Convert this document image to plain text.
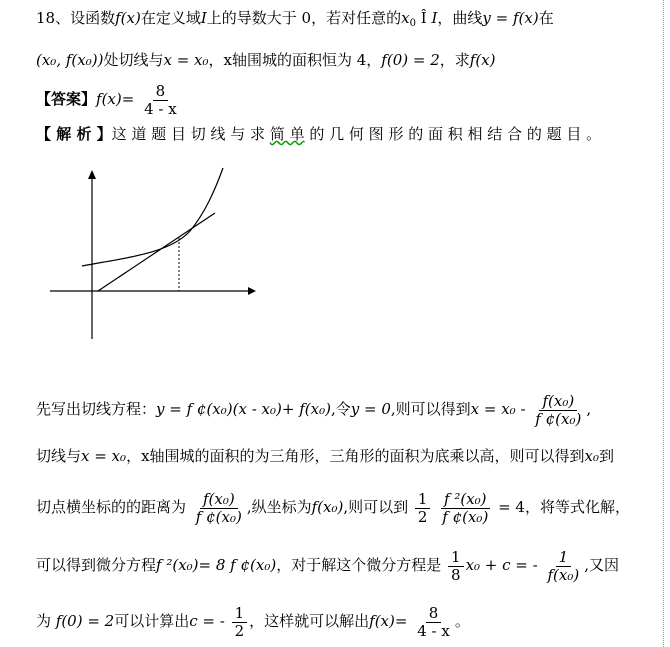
18、设函数f(x)在定义域I上的导数大于 0，若对任意的$x_0$ Î I，曲线y = f(x)在
(x₀, f(x₀))处切线与x = x₀，x轴围城的面积恒为 4，f(0) = 2，求f(x)
【答案】$f(x)= \frac{8}{4 - x}$
【 解 析 】这 道 题 目 切 线 与 求 简 单 的 几 何 图 形 的 面 积 相 结 合 的 题 目 。
先写出切线方程：y = f ¢(x₀)(x - x₀)+ f(x₀),令y = 0,则可以得到$x = x_0 - \frac{\text{f(x₀)}}{\text{f ¢(x₀)}}$ ,
切线与x = x₀，x轴围城的面积的为三角形，三角形的面积为底乘以高，则可以得到x₀到
切点横坐标的的距离为 $\frac{\text{f(x₀)}}{\text{f ¢(x₀)}}$ ,纵坐标为f(x₀),则可以到 $\frac{1}{2}$
$\frac{\text{f ²(x₀)}}{\text{f ¢(x₀)}} = 4$，将等式化解，
可以得到微分方程f ²(x₀)= 8 f ¢(x₀)，对于解这个微分方程是 $\frac{1}{8} x_0 + c$ = - $\frac{1}{\text{f(x₀)}}$ ,又因
为 f(0) = 2可以计算出c = - $\frac{1}{2}$ ，这样就可以解出$f(x)= \frac{8}{4 - x}$ 。
